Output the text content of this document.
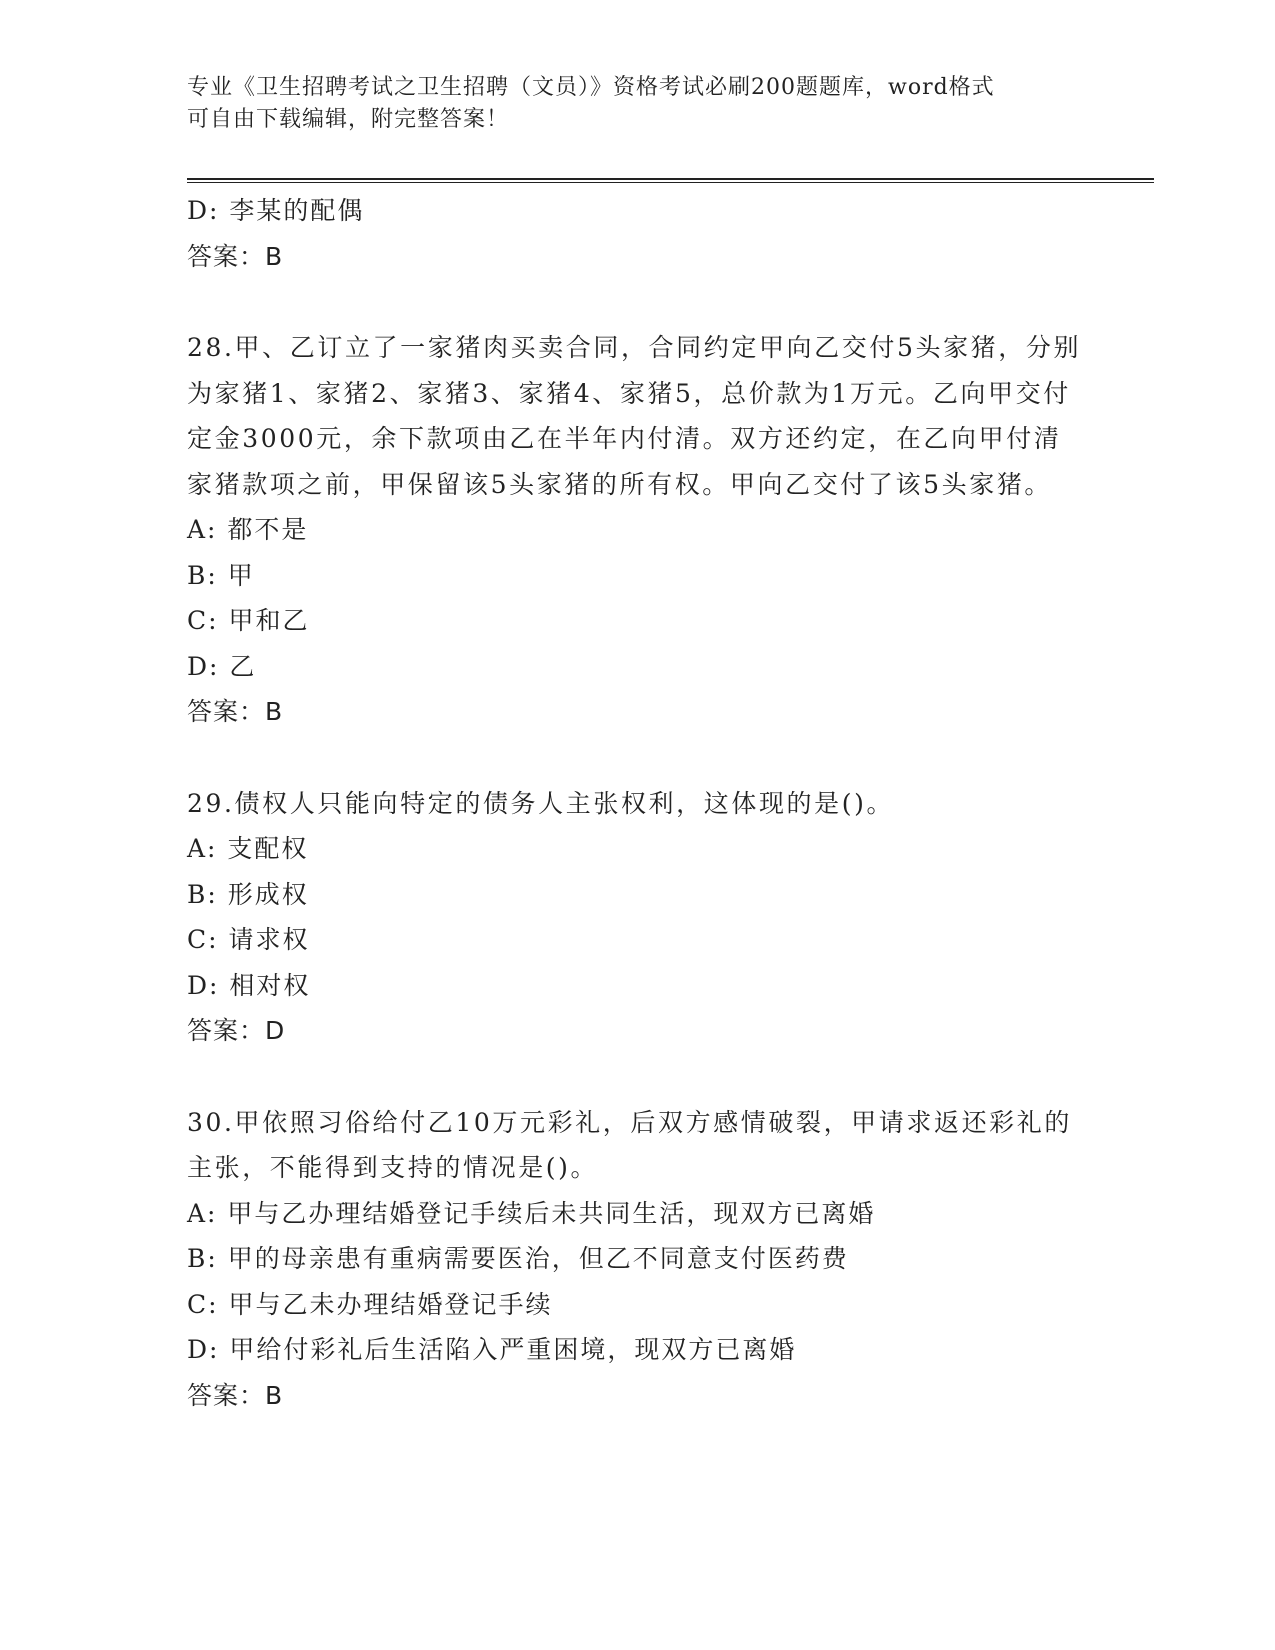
专业《卫生招聘考试之卫生招聘（文员）》资格考试必刷200题题库，word格式
可自由下载编辑，附完整答案！
D: 李某的配偶
答案：B
28.甲、乙订立了一家猪肉买卖合同，合同约定甲向乙交付5头家猪，分别为家猪1、家猪2、家猪3、家猪4、家猪5，总价款为1万元。乙向甲交付定金3000元，余下款项由乙在半年内付清。双方还约定，在乙向甲付清家猪款项之前，甲保留该5头家猪的所有权。甲向乙交付了该5头家猪。
A: 都不是
B: 甲
C: 甲和乙
D: 乙
答案：B
29.债权人只能向特定的债务人主张权利，这体现的是()。
A: 支配权
B: 形成权
C: 请求权
D: 相对权
答案：D
30.甲依照习俗给付乙10万元彩礼，后双方感情破裂，甲请求返还彩礼的主张，不能得到支持的情况是()。
A: 甲与乙办理结婚登记手续后未共同生活，现双方已离婚
B: 甲的母亲患有重病需要医治，但乙不同意支付医药费
C: 甲与乙未办理结婚登记手续
D: 甲给付彩礼后生活陷入严重困境，现双方已离婚
答案：B
